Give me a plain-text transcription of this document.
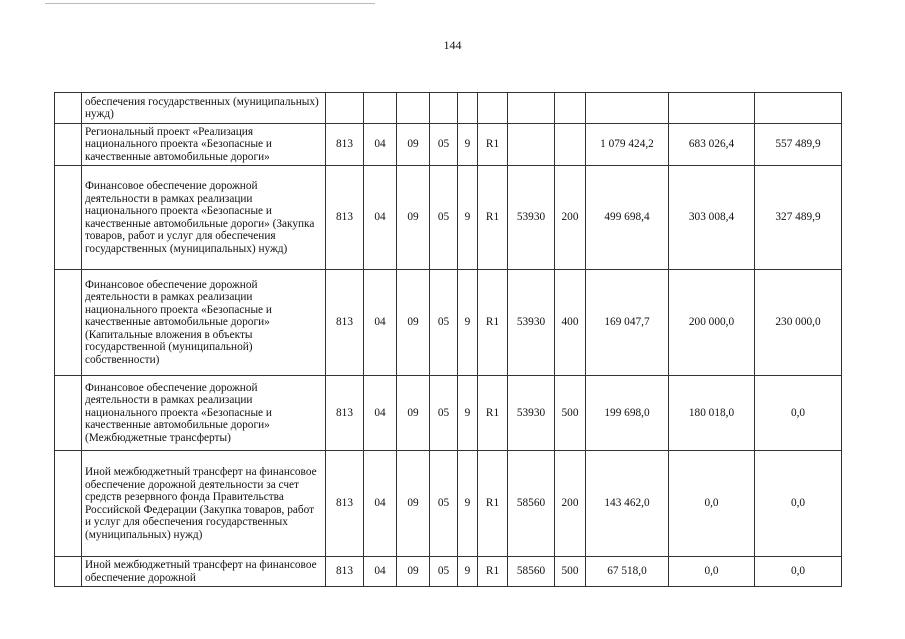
144
	обеспечения государственных (муниципальных) нужд)											
	Региональный проект «Реализация национального проекта «Безопасные и качественные автомобильные дороги»	813	04	09	05	9	R1			1 079 424,2	683 026,4	557 489,9
	Финансовое обеспечение дорожной деятельности в рамках реализации национального проекта «Безопасные и качественные автомобильные дороги» (Закупка товаров, работ и услуг для обеспечения государственных (муниципальных) нужд)	813	04	09	05	9	R1	53930	200	499 698,4	303 008,4	327 489,9
	Финансовое обеспечение дорожной деятельности в рамках реализации национального проекта «Безопасные и качественные автомобильные дороги» (Капитальные вложения в объекты государственной (муниципальной) собственности)	813	04	09	05	9	R1	53930	400	169 047,7	200 000,0	230 000,0
	Финансовое обеспечение дорожной деятельности в рамках реализации национального проекта «Безопасные и качественные автомобильные дороги» (Межбюджетные трансферты)	813	04	09	05	9	R1	53930	500	199 698,0	180 018,0	0,0
	Иной межбюджетный трансферт на финансовое обеспечение дорожной деятельности за счет средств резервного фонда Правительства Российской Федерации (Закупка товаров, работ и услуг для обеспечения государственных (муниципальных) нужд)	813	04	09	05	9	R1	58560	200	143 462,0	0,0	0,0
	Иной межбюджетный трансферт на финансовое обеспечение дорожной	813	04	09	05	9	R1	58560	500	67 518,0	0,0	0,0
